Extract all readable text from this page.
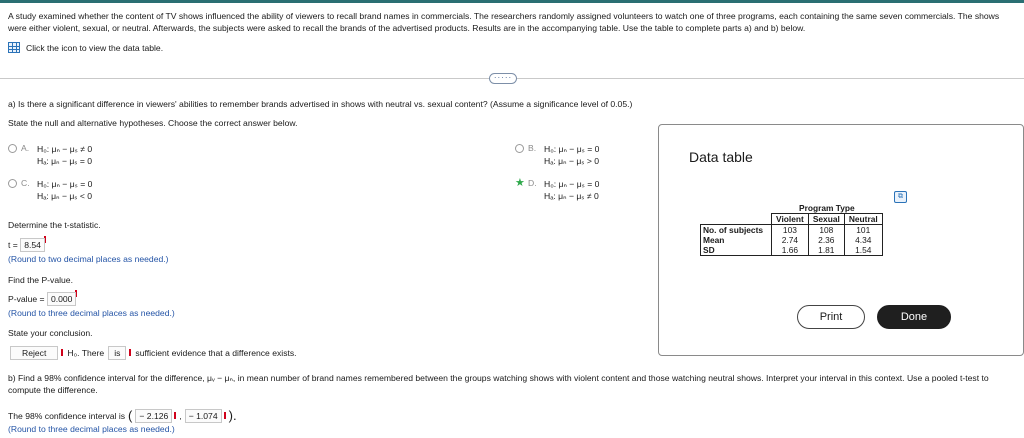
A study examined whether the content of TV shows influenced the ability of viewers to recall brand names in commercials. The researchers randomly assigned volunteers to watch one of three programs, each containing the same seven commercials. The shows were either violent, sexual, or neutral. Afterwards, the subjects were asked to recall the brands of the advertised products. Results are in the accompanying table. Use the table to complete parts a) and b) below.
Click the icon to view the data table.
·····
a) Is there a significant difference in viewers' abilities to remember brands advertised in shows with neutral vs. sexual content? (Assume a significance level of 0.05.)
State the null and alternative hypotheses. Choose the correct answer below.
A. H₀: μₙ − μₛ ≠ 0
Hₐ: μₙ − μₛ = 0
C. H₀: μₙ − μₛ = 0
Hₐ: μₙ − μₛ < 0
B. H₀: μₙ − μₛ = 0
Hₐ: μₙ − μₛ > 0
★ D. H₀: μₙ − μₛ = 0
Hₐ: μₙ − μₛ ≠ 0
Determine the t-statistic.
t = 8.54
(Round to two decimal places as needed.)
Find the P-value.
P-value = 0.000
(Round to three decimal places as needed.)
State your conclusion.
Reject	H₀. There	is	sufficient evidence that a difference exists.
b) Find a 98% confidence interval for the difference, μᵥ − μₙ, in mean number of brand names remembered between the groups watching shows with violent content and those watching neutral shows. Interpret your interval in this context. Use a pooled t-test to compute the difference.
The 98% confidence interval is ( − 2.126	, − 1.074 ).
(Round to three decimal places as needed.)
Data table
⧉
	Program Type		
	Violent	Sexual	Neutral
No. of subjects	103	108	101
Mean	2.74	2.36	4.34
SD	1.66	1.81	1.54
Print	Done
